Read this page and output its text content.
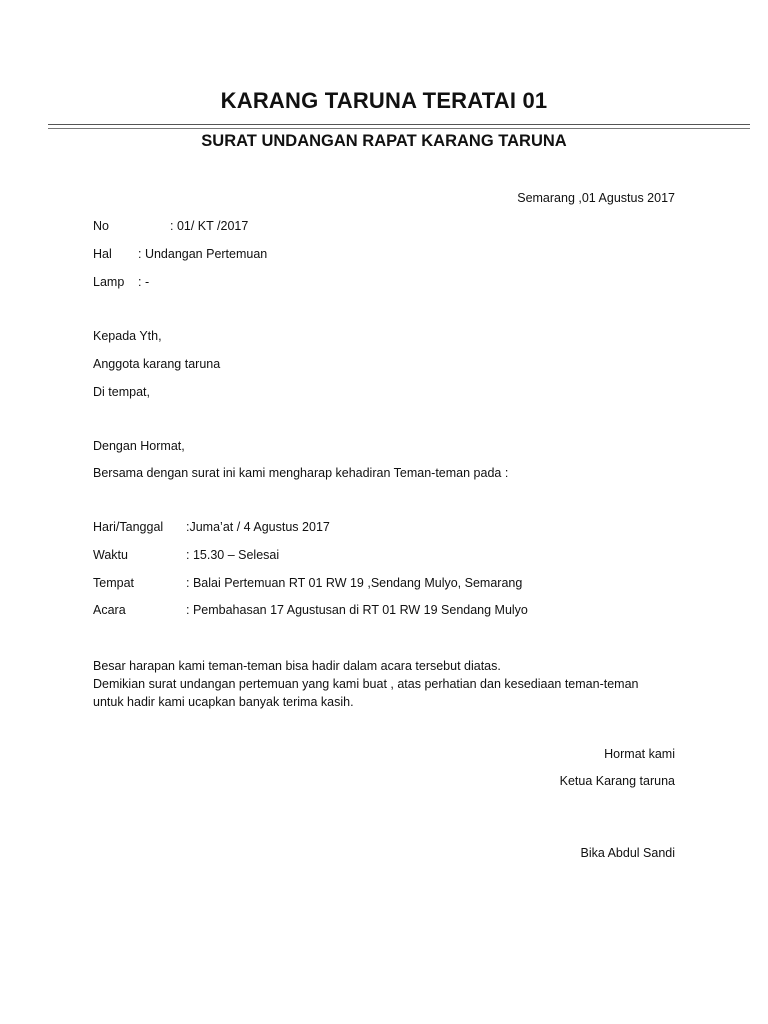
KARANG TARUNA TERATAI 01
SURAT UNDANGAN RAPAT KARANG TARUNA
Semarang ,01 Agustus 2017
No	: 01/ KT /2017
Hal : Undangan Pertemuan
Lamp : -
Kepada Yth,
Anggota karang taruna
Di tempat,
Dengan Hormat,
Bersama dengan surat ini kami mengharap kehadiran Teman-teman pada :
Hari/Tanggal :Juma’at / 4 Agustus 2017
Waktu	: 15.30 – Selesai
Tempat	: Balai Pertemuan RT 01 RW 19 ,Sendang Mulyo, Semarang
Acara	: Pembahasan 17 Agustusan di RT 01 RW 19 Sendang Mulyo
Besar harapan kami teman-teman bisa hadir dalam acara tersebut diatas.
Demikian surat undangan pertemuan yang kami buat , atas perhatian dan kesediaan teman-teman
untuk hadir kami ucapkan banyak terima kasih.
Hormat kami
Ketua Karang taruna
Bika Abdul Sandi
